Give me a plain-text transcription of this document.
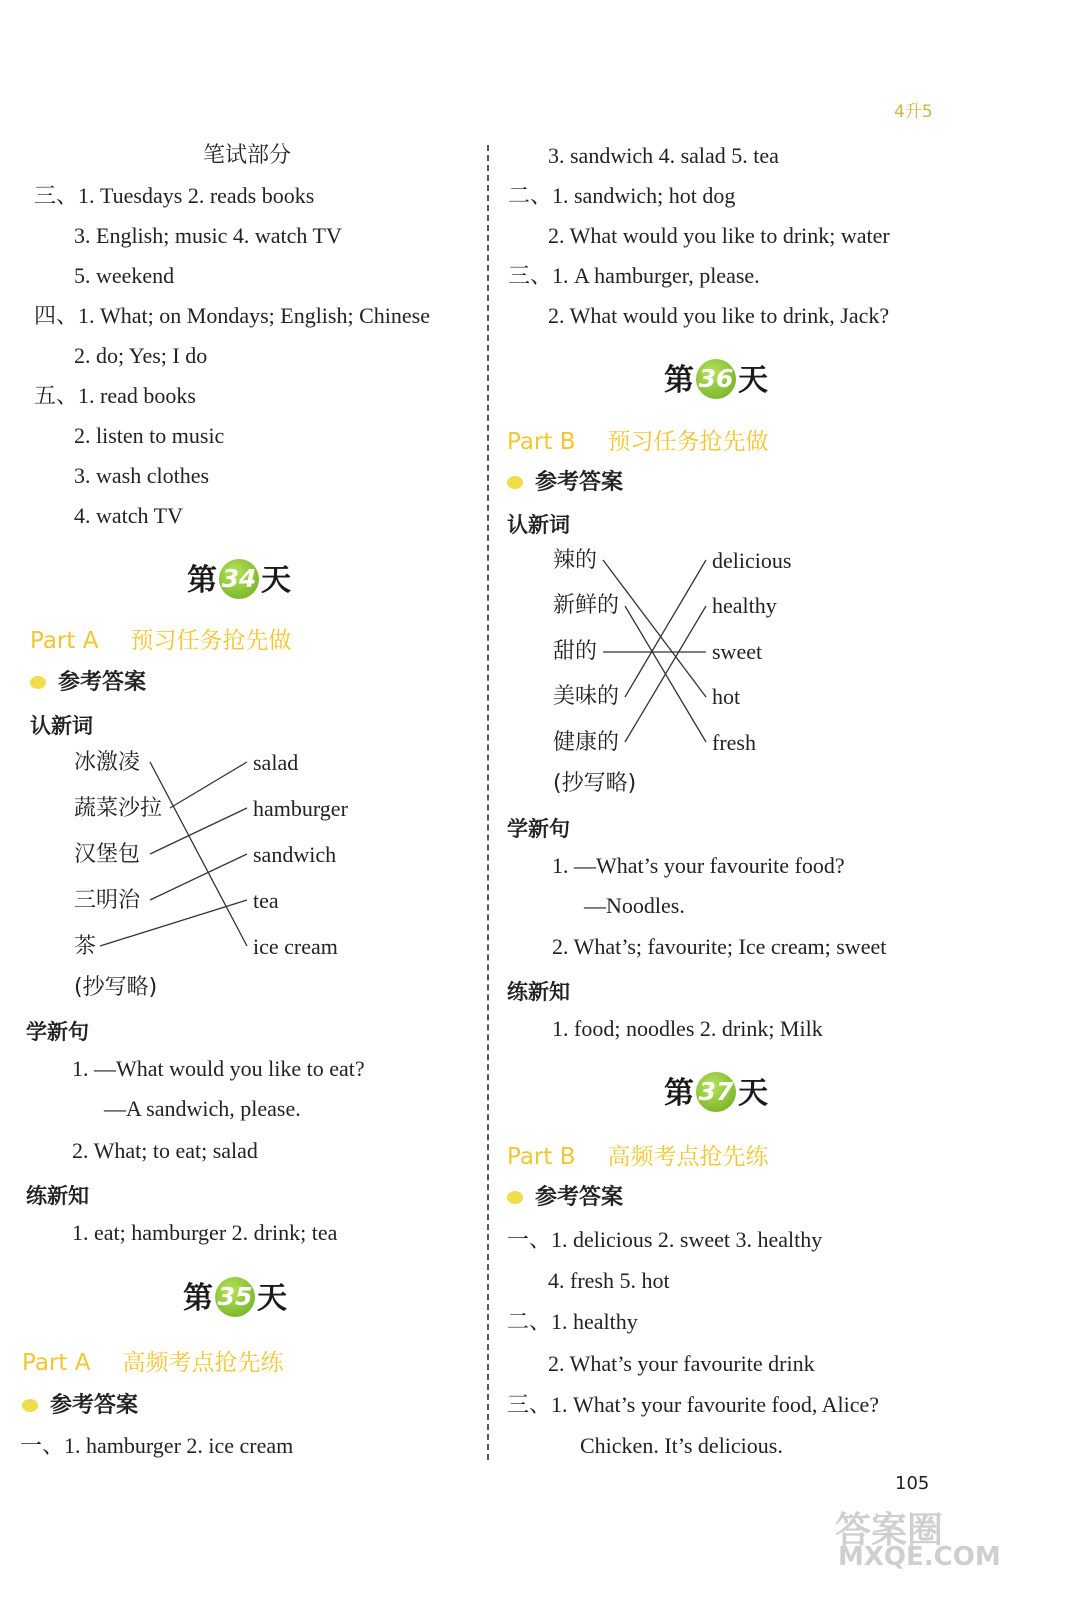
4升5
笔试部分
三、1. Tuesdays 2. reads books
3. English; music 4. watch TV
5. weekend
四、1. What; on Mondays; English; Chinese
2. do; Yes; I do
五、1. read books
2. listen to music
3. wash clothes
4. watch TV
第 34 天
Part A 预习任务抢先做
参考答案
认新词
冰激凌
蔬菜沙拉
汉堡包
三明治
茶
salad
hamburger
sandwich
tea
ice cream
(抄写略)
学新句
1. —What would you like to eat?
—A sandwich, please.
2. What; to eat; salad
练新知
1. eat; hamburger 2. drink; tea
第 35 天
Part A 高频考点抢先练
参考答案
一、1. hamburger 2. ice cream
3. sandwich 4. salad 5. tea
二、1. sandwich; hot dog
2. What would you like to drink; water
三、1. A hamburger, please.
2. What would you like to drink, Jack?
第 36 天
Part B 预习任务抢先做
参考答案
认新词
辣的
新鲜的
甜的
美味的
健康的
delicious
healthy
sweet
hot
fresh
(抄写略)
学新句
1. —What’s your favourite food?
—Noodles.
2. What’s; favourite; Ice cream; sweet
练新知
1. food; noodles 2. drink; Milk
第 37 天
Part B 高频考点抢先练
参考答案
一、1. delicious 2. sweet 3. healthy
4. fresh 5. hot
二、1. healthy
2. What’s your favourite drink
三、1. What’s your favourite food, Alice?
Chicken. It’s delicious.
105
答案圈
MXQE.COM
